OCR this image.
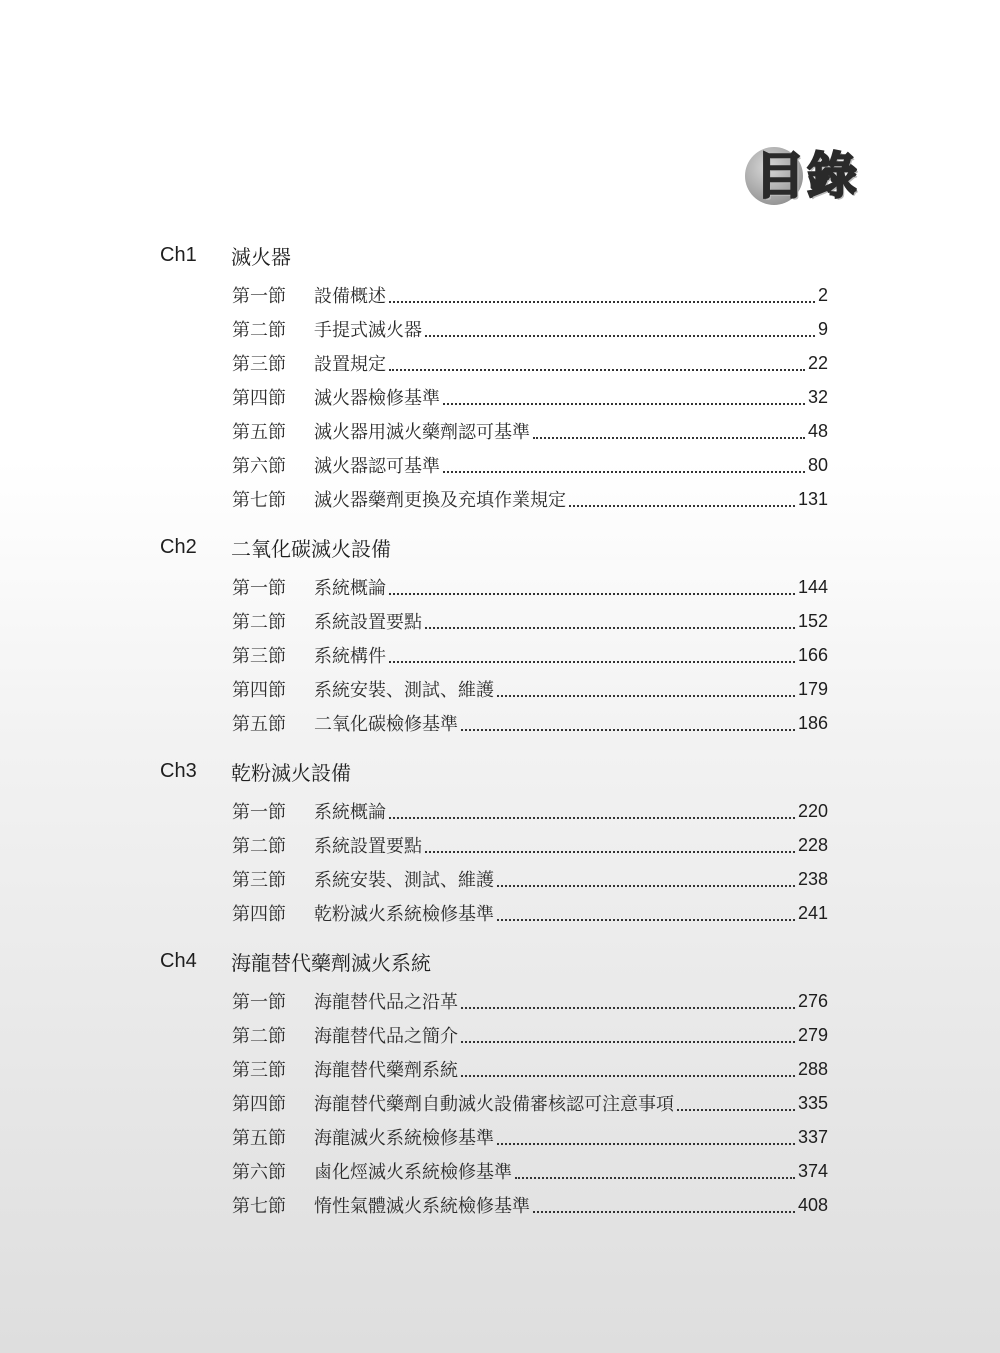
目錄
Ch1	滅火器
第一節	設備概述	2
第二節	手提式滅火器	9
第三節	設置規定	22
第四節	滅火器檢修基準	32
第五節	滅火器用滅火藥劑認可基準	48
第六節	滅火器認可基準	80
第七節	滅火器藥劑更換及充填作業規定	131
Ch2	二氧化碳滅火設備
第一節	系統概論	144
第二節	系統設置要點	152
第三節	系統構件	166
第四節	系統安裝、測試、維護	179
第五節	二氧化碳檢修基準	186
Ch3	乾粉滅火設備
第一節	系統概論	220
第二節	系統設置要點	228
第三節	系統安裝、測試、維護	238
第四節	乾粉滅火系統檢修基準	241
Ch4	海龍替代藥劑滅火系統
第一節	海龍替代品之沿革	276
第二節	海龍替代品之簡介	279
第三節	海龍替代藥劑系統	288
第四節	海龍替代藥劑自動滅火設備審核認可注意事項	335
第五節	海龍滅火系統檢修基準	337
第六節	鹵化烴滅火系統檢修基準	374
第七節	惰性氣體滅火系統檢修基準	408
